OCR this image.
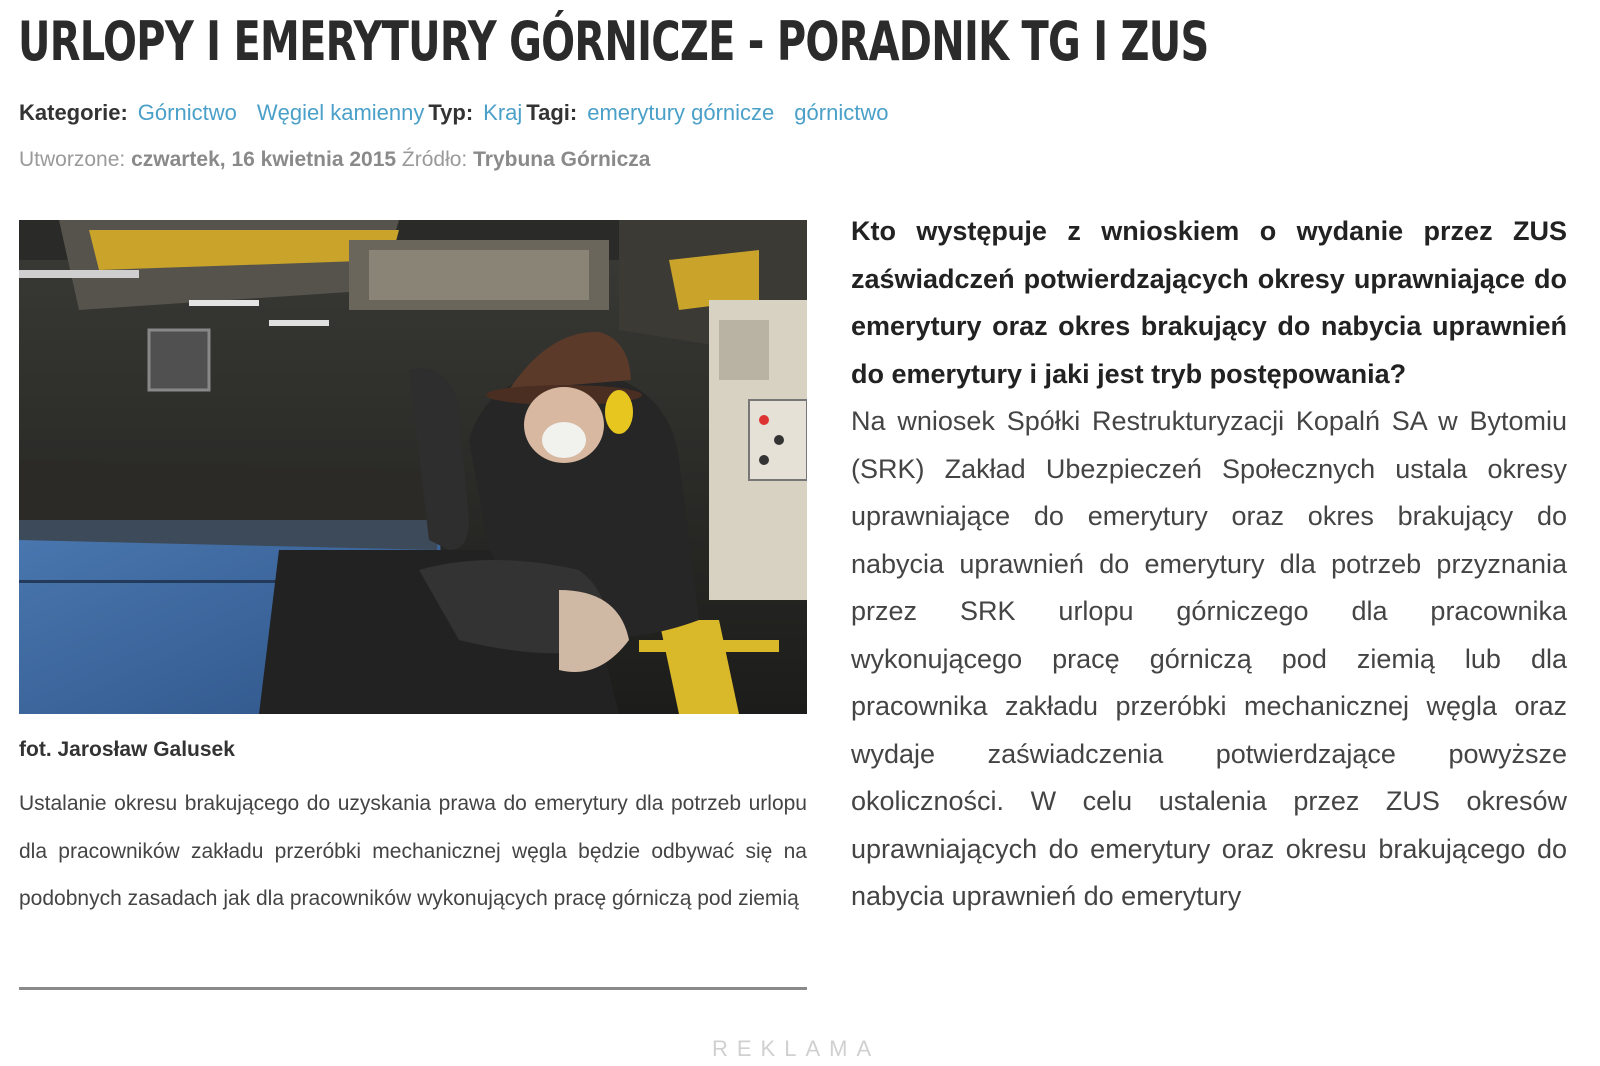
URLOPY I EMERYTURY GÓRNICZE - PORADNIK TG I ZUS
Kategorie: Górnictwo Węgiel kamienny Typ: Kraj Tagi: emerytury górnicze górnictwo
Utworzone: czwartek, 16 kwietnia 2015 Źródło: Trybuna Górnicza
fot. Jarosław Galusek

Ustalanie okresu brakującego do uzyskania prawa do emerytury dla potrzeb urlopu dla pracowników zakładu przeróbki mechanicznej węgla będzie odbywać się na podobnych zasadach jak dla pracowników wykonujących pracę górniczą pod ziemią

REKLAMA
Kto występuje z wnioskiem o wydanie przez ZUS zaświadczeń potwierdzających okresy uprawniające do emerytury oraz okres brakujący do nabycia uprawnień do emerytury i jaki jest tryb postępowania?
Na wniosek Spółki Restrukturyzacji Kopalń SA w Bytomiu (SRK) Zakład Ubezpieczeń Społecznych ustala okresy uprawniające do emerytury oraz okres brakujący do nabycia uprawnień do emerytury dla potrzeb przyznania przez SRK urlopu górniczego dla pracownika wykonującego pracę górniczą pod ziemią lub dla pracownika zakładu przeróbki mechanicznej węgla oraz wydaje zaświadczenia potwierdzające powyższe okoliczności. W celu ustalenia przez ZUS okresów uprawniających do emerytury oraz okresu brakującego do nabycia uprawnień do emerytury
